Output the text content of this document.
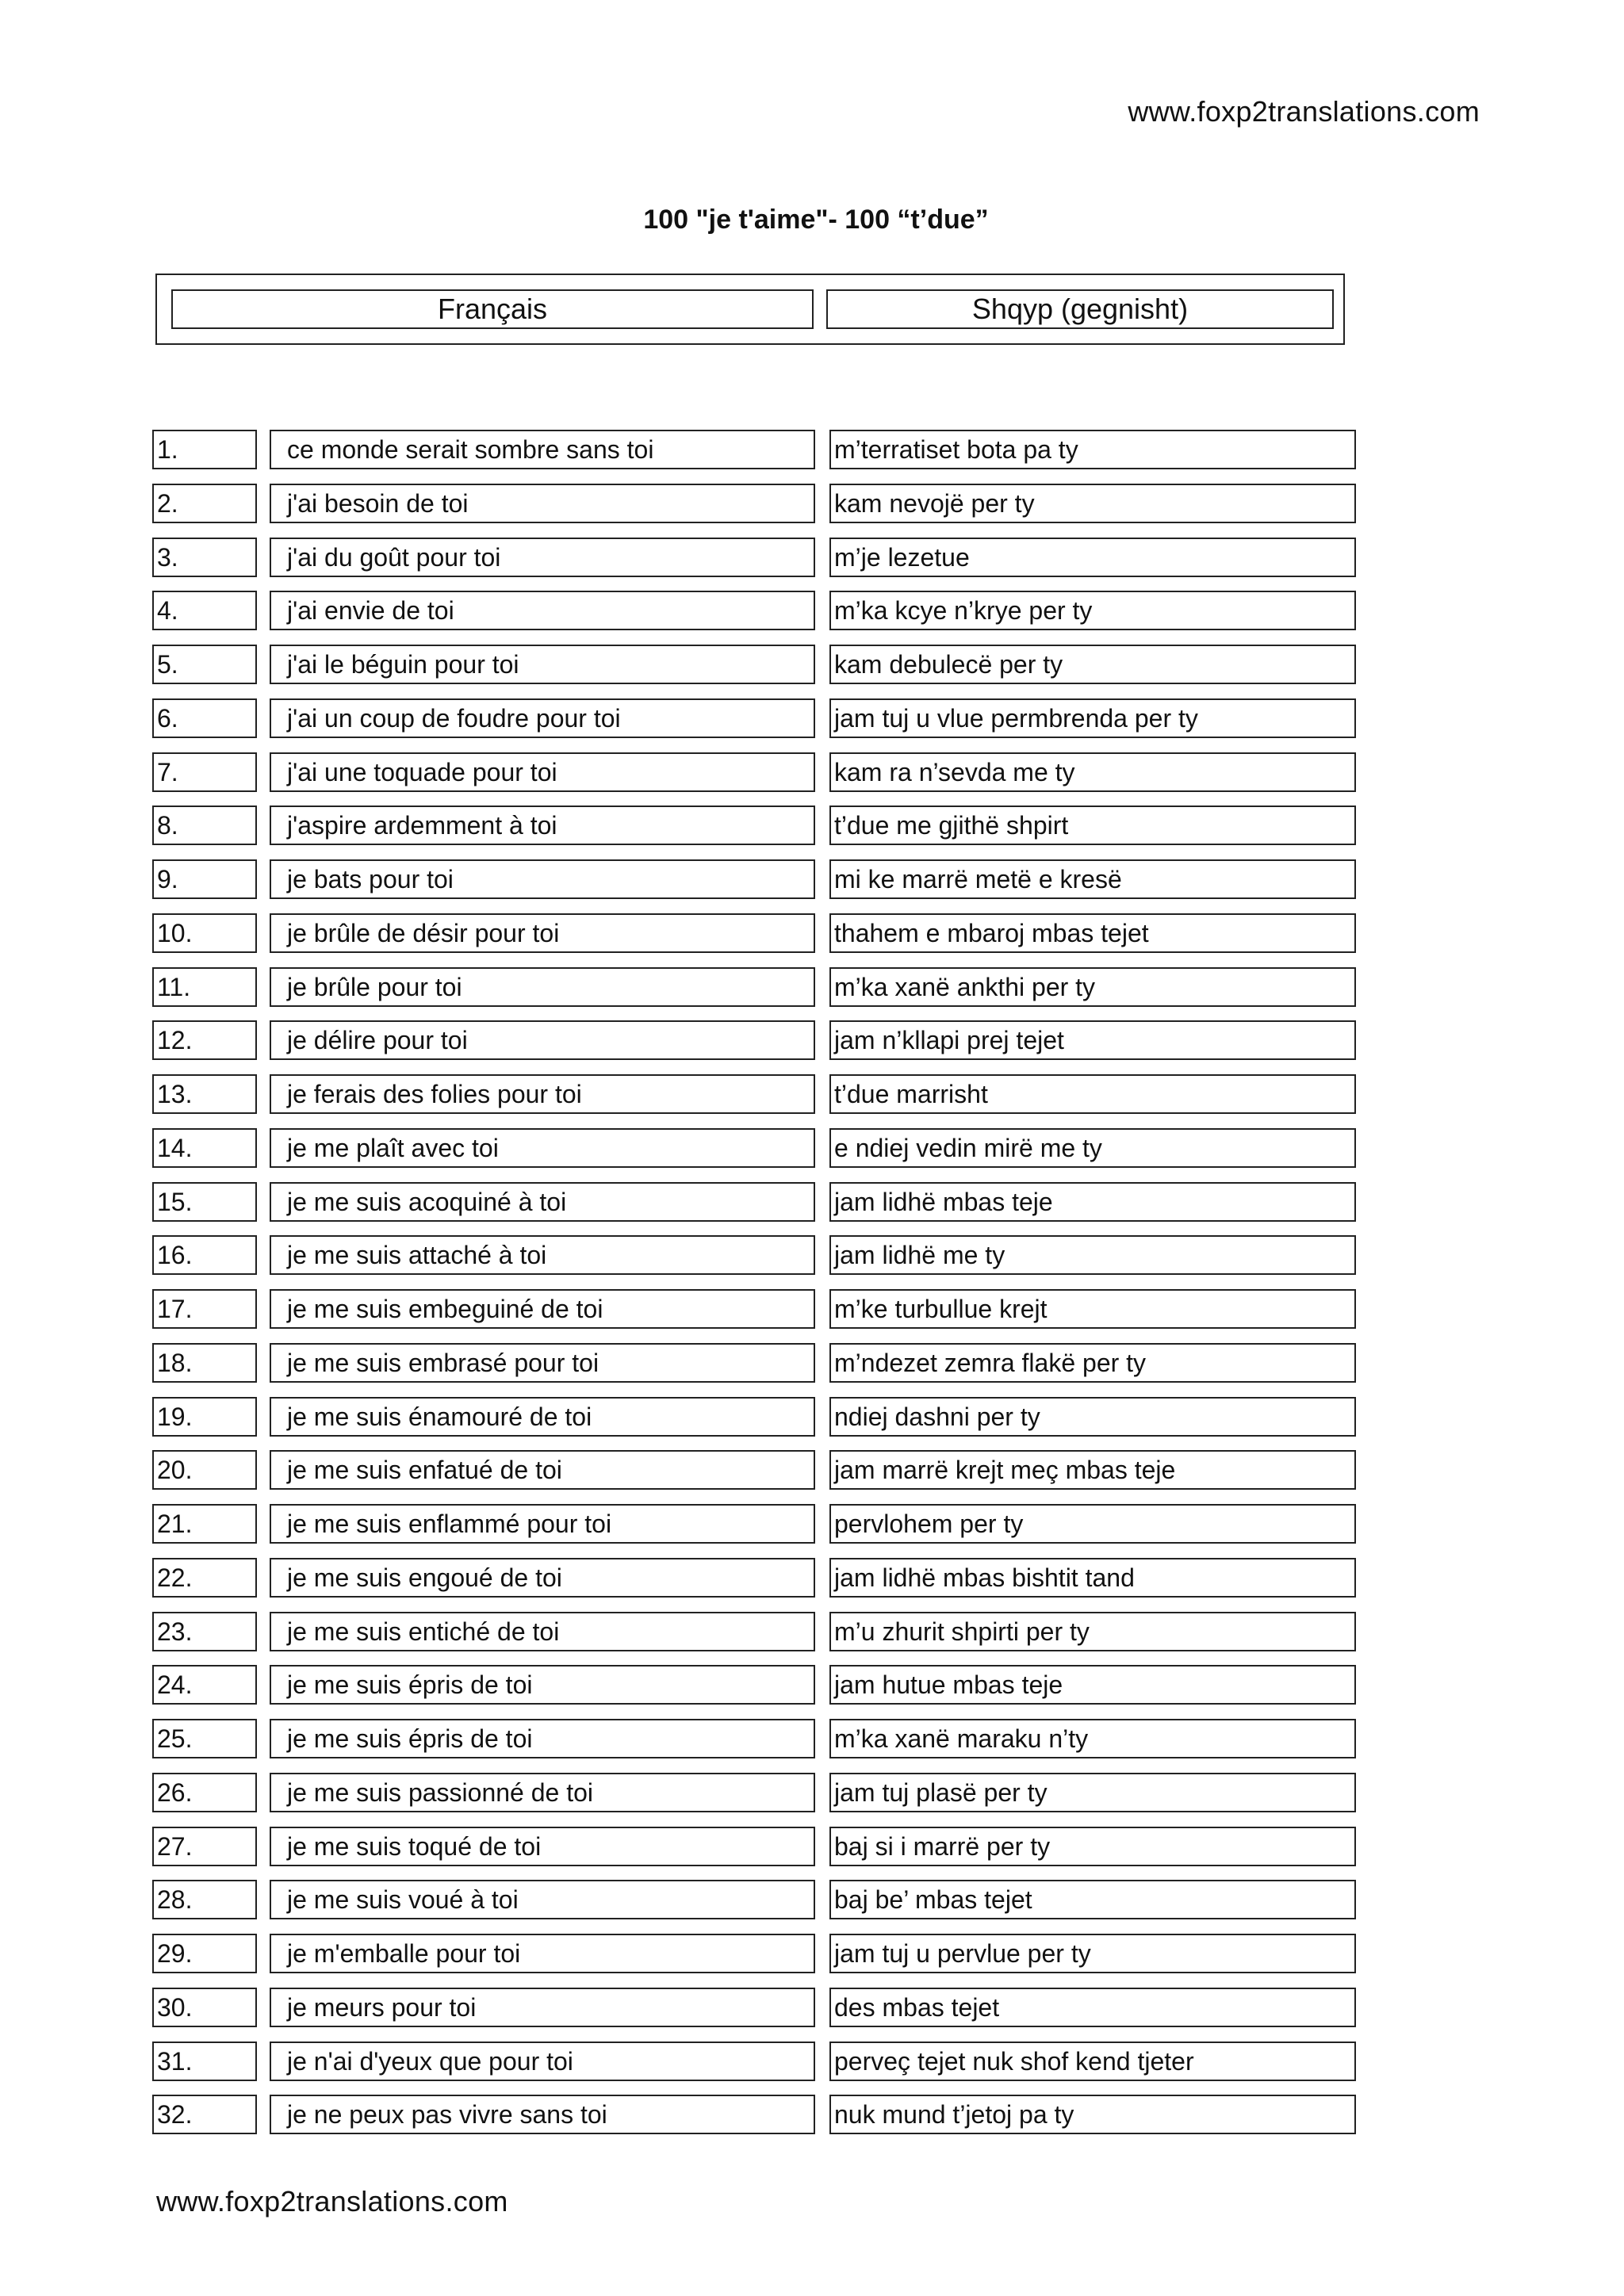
www.foxp2translations.com
100 "je t'aime"- 100 “t’due”
Français	Shqyp (gegnisht)
1.	ce monde serait sombre sans toi	m’terratiset bota pa ty
2.	j'ai besoin de toi	kam nevojë per ty
3.	j'ai du goût pour toi	m’je lezetue
4.	j'ai envie de toi	m’ka kcye n’krye per ty
5.	j'ai le béguin pour toi	kam debulecë per ty
6.	j'ai un coup de foudre pour toi	jam tuj u vlue permbrenda per ty
7.	j'ai une toquade pour toi	kam ra n’sevda me ty
8.	j'aspire ardemment à toi	t’due me gjithë shpirt
9.	je bats pour toi	mi ke marrë metë e kresë
10.	je brûle de désir pour toi	thahem e mbaroj mbas tejet
11.	je brûle pour toi	m’ka xanë ankthi per ty
12.	je délire pour toi	jam n’kllapi prej tejet
13.	je ferais des folies pour toi	t’due marrisht
14.	je me plaît avec toi	e ndiej vedin mirë me ty
15.	je me suis acoquiné à toi	jam lidhë mbas teje
16.	je me suis attaché à toi	jam lidhë me ty
17.	je me suis embeguiné de toi	m’ke turbullue krejt
18.	je me suis embrasé pour toi	m’ndezet zemra flakë per ty
19.	je me suis énamouré de toi	ndiej dashni per ty
20.	je me suis enfatué de toi	jam marrë krejt meç mbas teje
21.	je me suis enflammé pour toi	pervlohem per ty
22.	je me suis engoué de toi	jam lidhë mbas bishtit tand
23.	je me suis entiché de toi	m’u zhurit shpirti per ty
24.	je me suis épris de toi	jam hutue mbas teje
25.	je me suis épris de toi	m’ka xanë maraku n’ty
26.	je me suis passionné de toi	jam tuj plasë per ty
27.	je me suis toqué de toi	baj si i marrë per ty
28.	je me suis voué à toi	baj be’ mbas tejet
29.	je m'emballe pour toi	jam tuj u pervlue per ty
30.	je meurs pour toi	des mbas tejet
31.	je n'ai d'yeux que pour toi	perveç tejet nuk shof kend tjeter
32.	je ne peux pas vivre sans toi	nuk mund t’jetoj pa ty
www.foxp2translations.com
